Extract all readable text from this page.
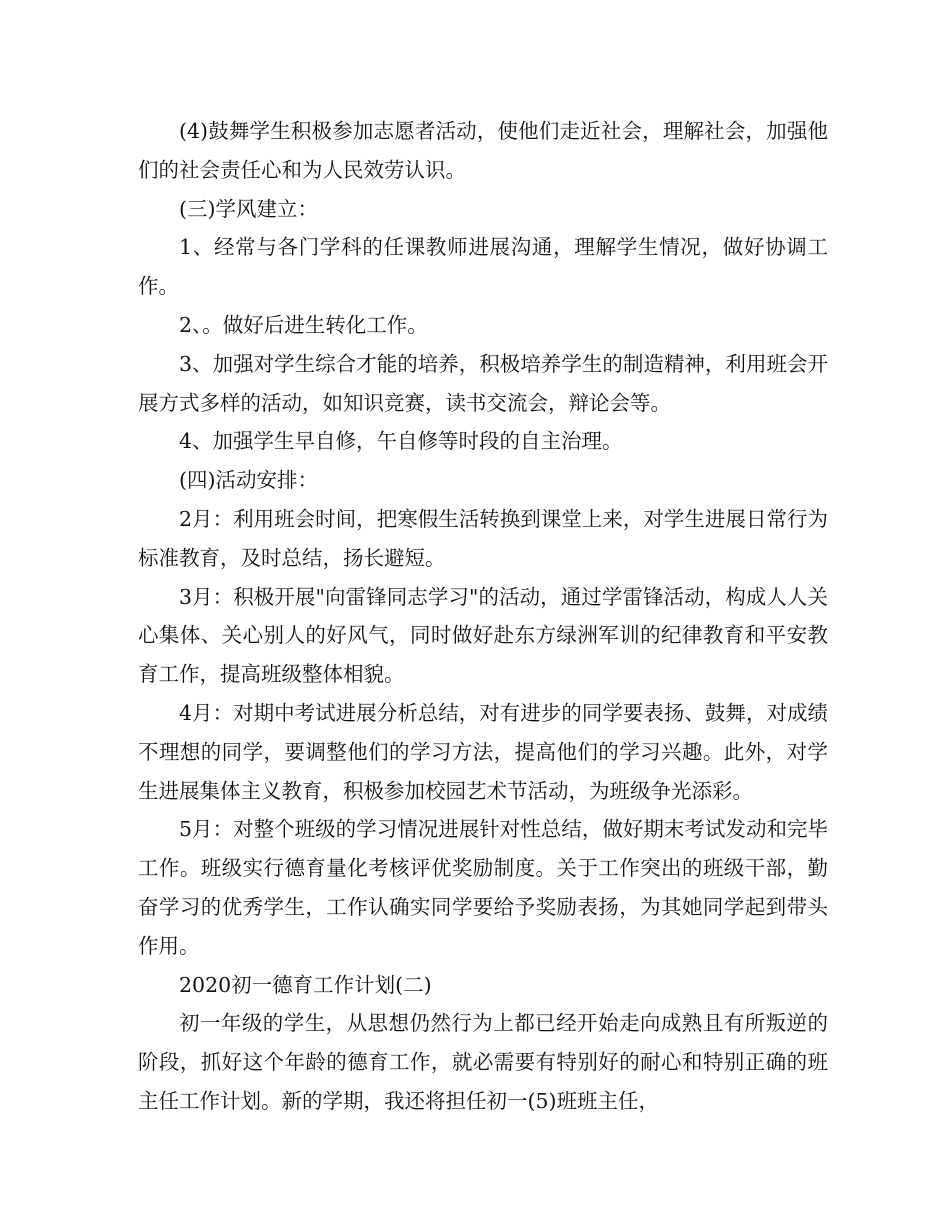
(4)鼓舞学生积极参加志愿者活动，使他们走近社会，理解社会，加强他们的社会责任心和为人民效劳认识。

(三)学风建立：

1、经常与各门学科的任课教师进展沟通，理解学生情况，做好协调工作。

2、。做好后进生转化工作。

3、加强对学生综合才能的培养，积极培养学生的制造精神，利用班会开展方式多样的活动，如知识竞赛，读书交流会，辩论会等。

4、加强学生早自修，午自修等时段的自主治理。

(四)活动安排：

2月：利用班会时间，把寒假生活转换到课堂上来，对学生进展日常行为标准教育，及时总结，扬长避短。

3月：积极开展"向雷锋同志学习"的活动，通过学雷锋活动，构成人人关心集体、关心别人的好风气，同时做好赴东方绿洲军训的纪律教育和平安教育工作，提高班级整体相貌。

4月：对期中考试进展分析总结，对有进步的同学要表扬、鼓舞，对成绩不理想的同学，要调整他们的学习方法，提高他们的学习兴趣。此外，对学生进展集体主义教育，积极参加校园艺术节活动，为班级争光添彩。

5月：对整个班级的学习情况进展针对性总结，做好期末考试发动和完毕工作。班级实行德育量化考核评优奖励制度。关于工作突出的班级干部，勤奋学习的优秀学生，工作认确实同学要给予奖励表扬，为其她同学起到带头作用。

2020初一德育工作计划(二)

初一年级的学生，从思想仍然行为上都已经开始走向成熟且有所叛逆的阶段，抓好这个年龄的德育工作，就必需要有特别好的耐心和特别正确的班主任工作计划。新的学期，我还将担任初一(5)班班主任，
